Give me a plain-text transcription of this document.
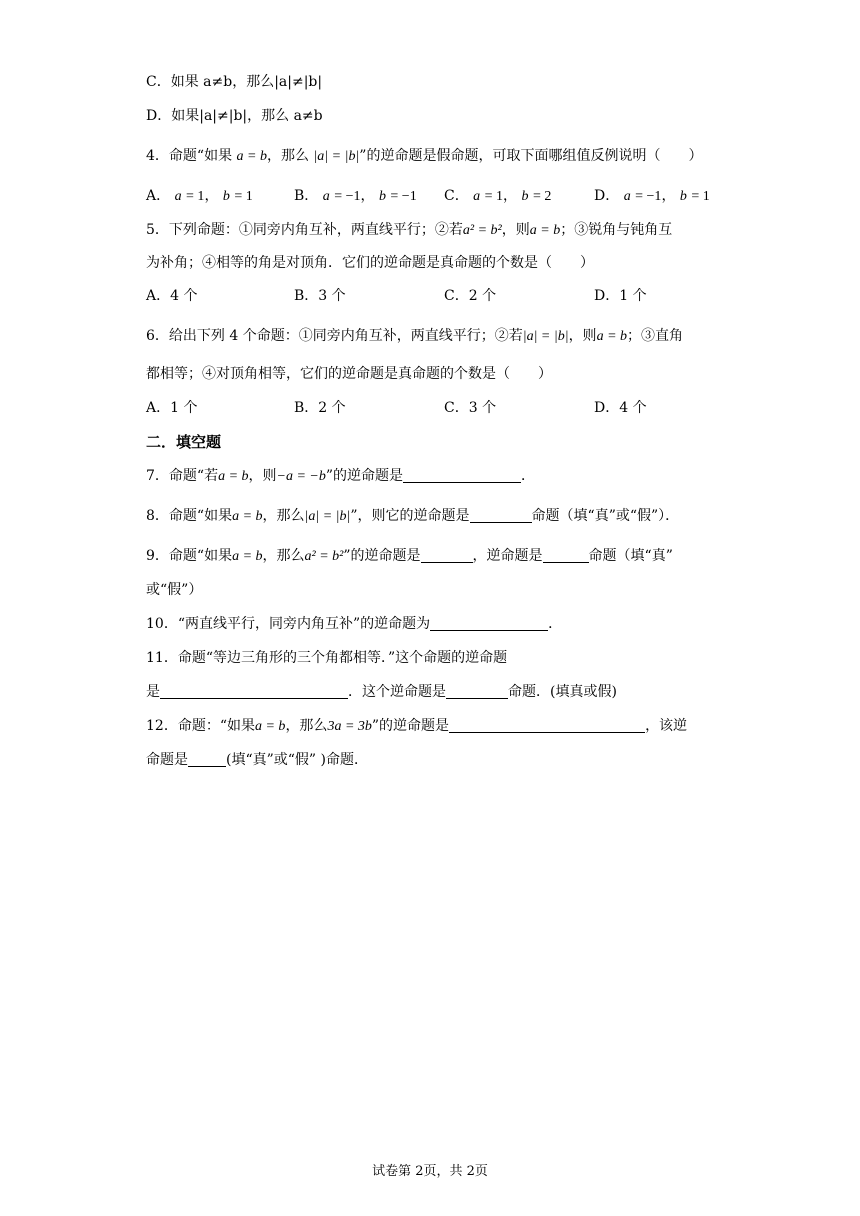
C．如果 a≠b，那么|a|≠|b|
D．如果|a|≠|b|，那么 a≠b
4．命题“如果 a = b，那么 |a| = |b|”的逆命题是假命题，可取下面哪组值反例说明（　　）
A． a = 1， b = 1	B． a = −1， b = −1 C． a = 1， b = 2	D． a = −1， b = 1
5．下列命题：①同旁内角互补，两直线平行；②若a² = b²，则a = b；③锐角与钝角互
为补角；④相等的角是对顶角．它们的逆命题是真命题的个数是（　　）
A．4 个	B．3 个	C．2 个	D．1 个
6．给出下列 4 个命题：①同旁内角互补，两直线平行；②若|a| = |b|，则a = b；③直角
都相等；④对顶角相等，它们的逆命题是真命题的个数是（　　）
A．1 个	B．2 个	C．3 个	D．4 个
二．填空题
7．命题“若a = b，则−a = −b”的逆命题是	．
8．命题“如果a = b，那么|a| = |b|”，则它的逆命题是	命题（填“真”或“假”）．
9．命题“如果a = b，那么a² = b²”的逆命题是	，逆命题是	命题（填“真”
或“假”）
10．“两直线平行，同旁内角互补”的逆命题为	．
11．命题“等边三角形的三个角都相等．”这个命题的逆命题
是	．这个逆命题是	命题．(填真或假)
12．命题：“如果a = b，那么3a = 3b”的逆命题是	，该逆
命题是	(填“真”或“假” )命题．
试卷第 2页，共 2页
